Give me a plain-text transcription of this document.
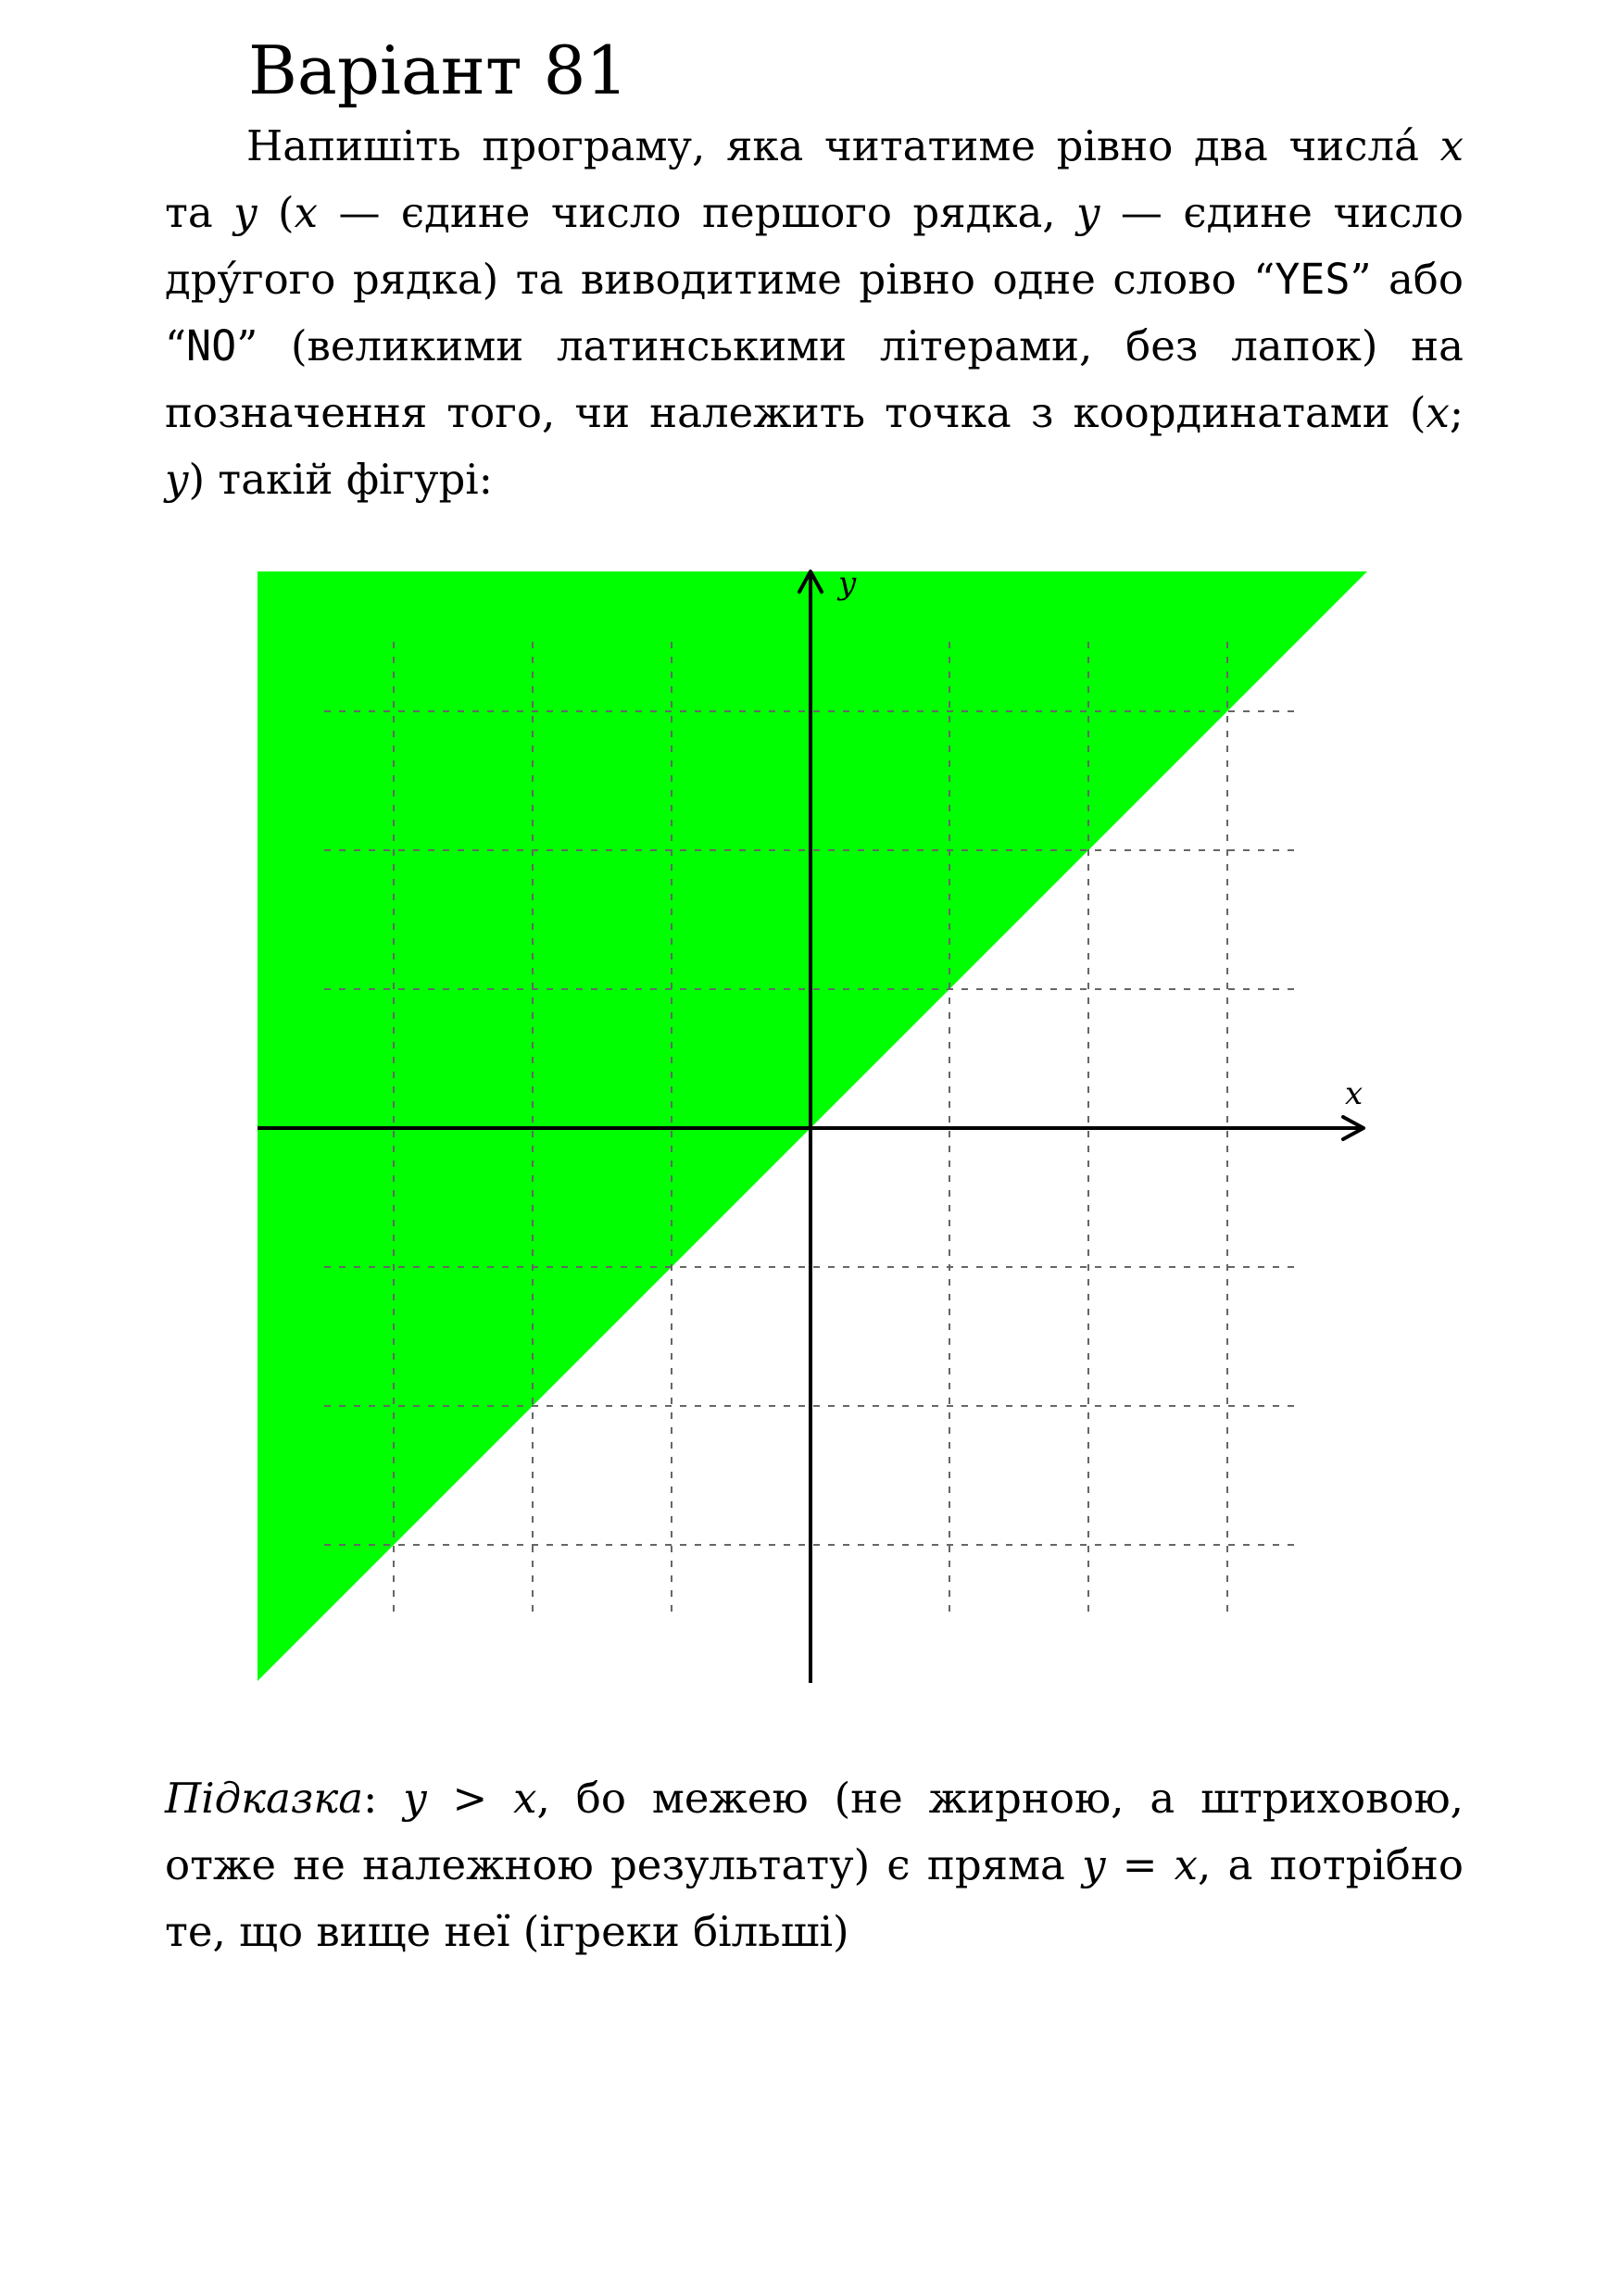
Варіант 81
Напишіть програму, яка читатиме рівно два числа́ x та y (x — єдине число першого рядка, y — єдине число дру́гого рядка) та виводитиме рівно одне слово “YES” або “NO” (великими латинськими літерами, без лапок) на позначення того, чи належить точка з координатами (x; y) такій фігурі:
x
y
Підказка: y > x, бо межею (не жирною, а штриховою, отже не належною результату) є пряма y = x, а потрібно те, що вище неї (ігреки більші)
